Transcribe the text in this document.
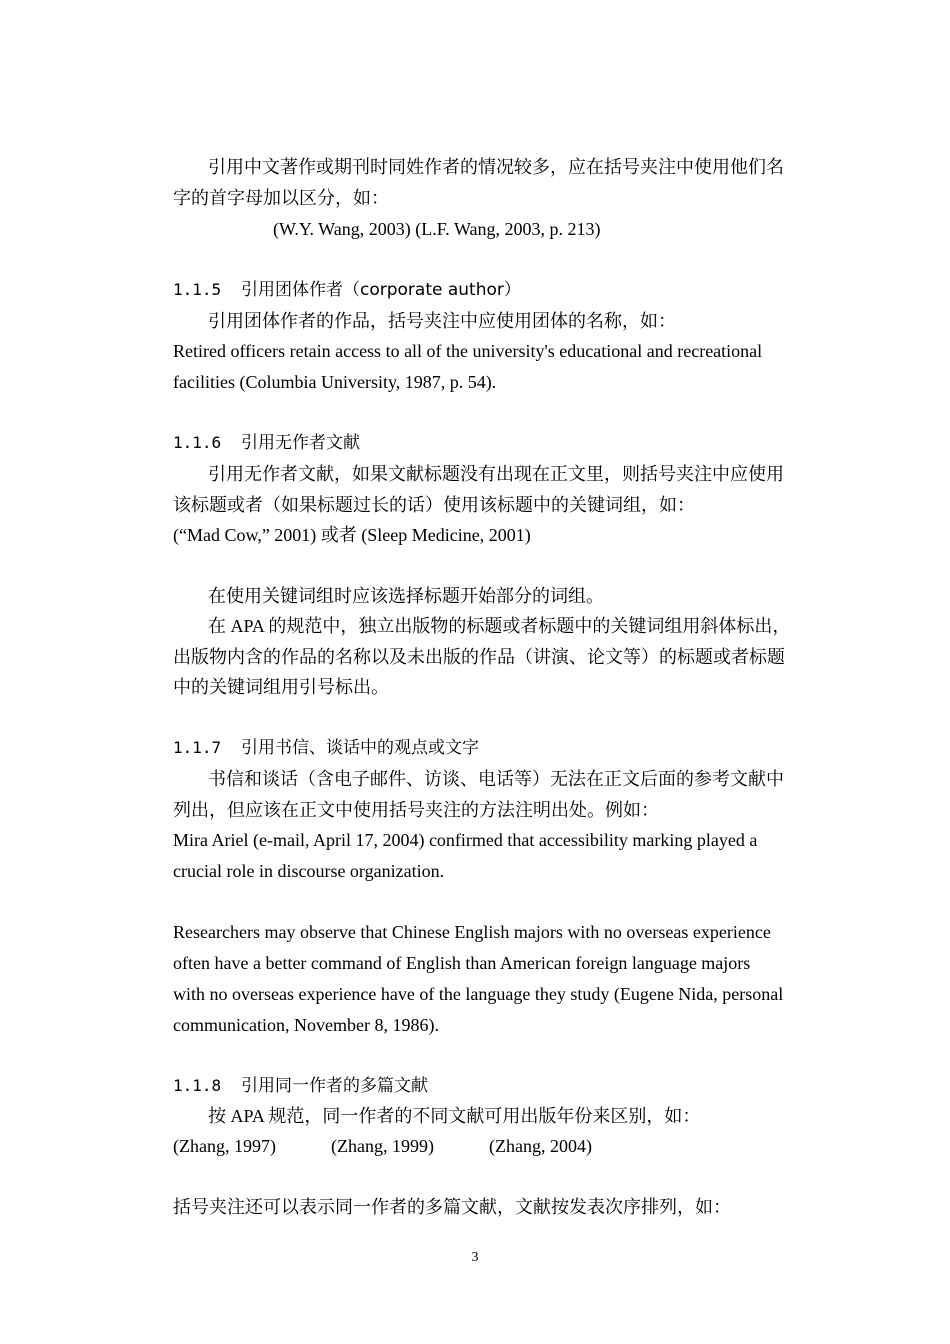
引用中文著作或期刊时同姓作者的情况较多，应在括号夹注中使用他们名
字的首字母加以区分，如：
(W.Y. Wang, 2003) (L.F. Wang, 2003, p. 213)
1.1.5 引用团体作者（corporate author）
引用团体作者的作品，括号夹注中应使用团体的名称，如：
Retired officers retain access to all of the university's educational and recreational
facilities (Columbia University, 1987, p. 54).
1.1.6 引用无作者文献
引用无作者文献，如果文献标题没有出现在正文里，则括号夹注中应使用
该标题或者（如果标题过长的话）使用该标题中的关键词组，如：
(“Mad Cow,” 2001) 或者 (Sleep Medicine, 2001)
在使用关键词组时应该选择标题开始部分的词组。
在 APA 的规范中，独立出版物的标题或者标题中的关键词组用斜体标出，
出版物内含的作品的名称以及未出版的作品（讲演、论文等）的标题或者标题
中的关键词组用引号标出。
1.1.7 引用书信、谈话中的观点或文字
书信和谈话（含电子邮件、访谈、电话等）无法在正文后面的参考文献中
列出，但应该在正文中使用括号夹注的方法注明出处。例如：
Mira Ariel (e-mail, April 17, 2004) confirmed that accessibility marking played a
crucial role in discourse organization.
Researchers may observe that Chinese English majors with no overseas experience
often have a better command of English than American foreign language majors
with no overseas experience have of the language they study (Eugene Nida, personal
communication, November 8, 1986).
1.1.8 引用同一作者的多篇文献
按 APA 规范，同一作者的不同文献可用出版年份来区别，如：
(Zhang, 1997)	(Zhang, 1999)	(Zhang, 2004)
括号夹注还可以表示同一作者的多篇文献，文献按发表次序排列，如：
3
